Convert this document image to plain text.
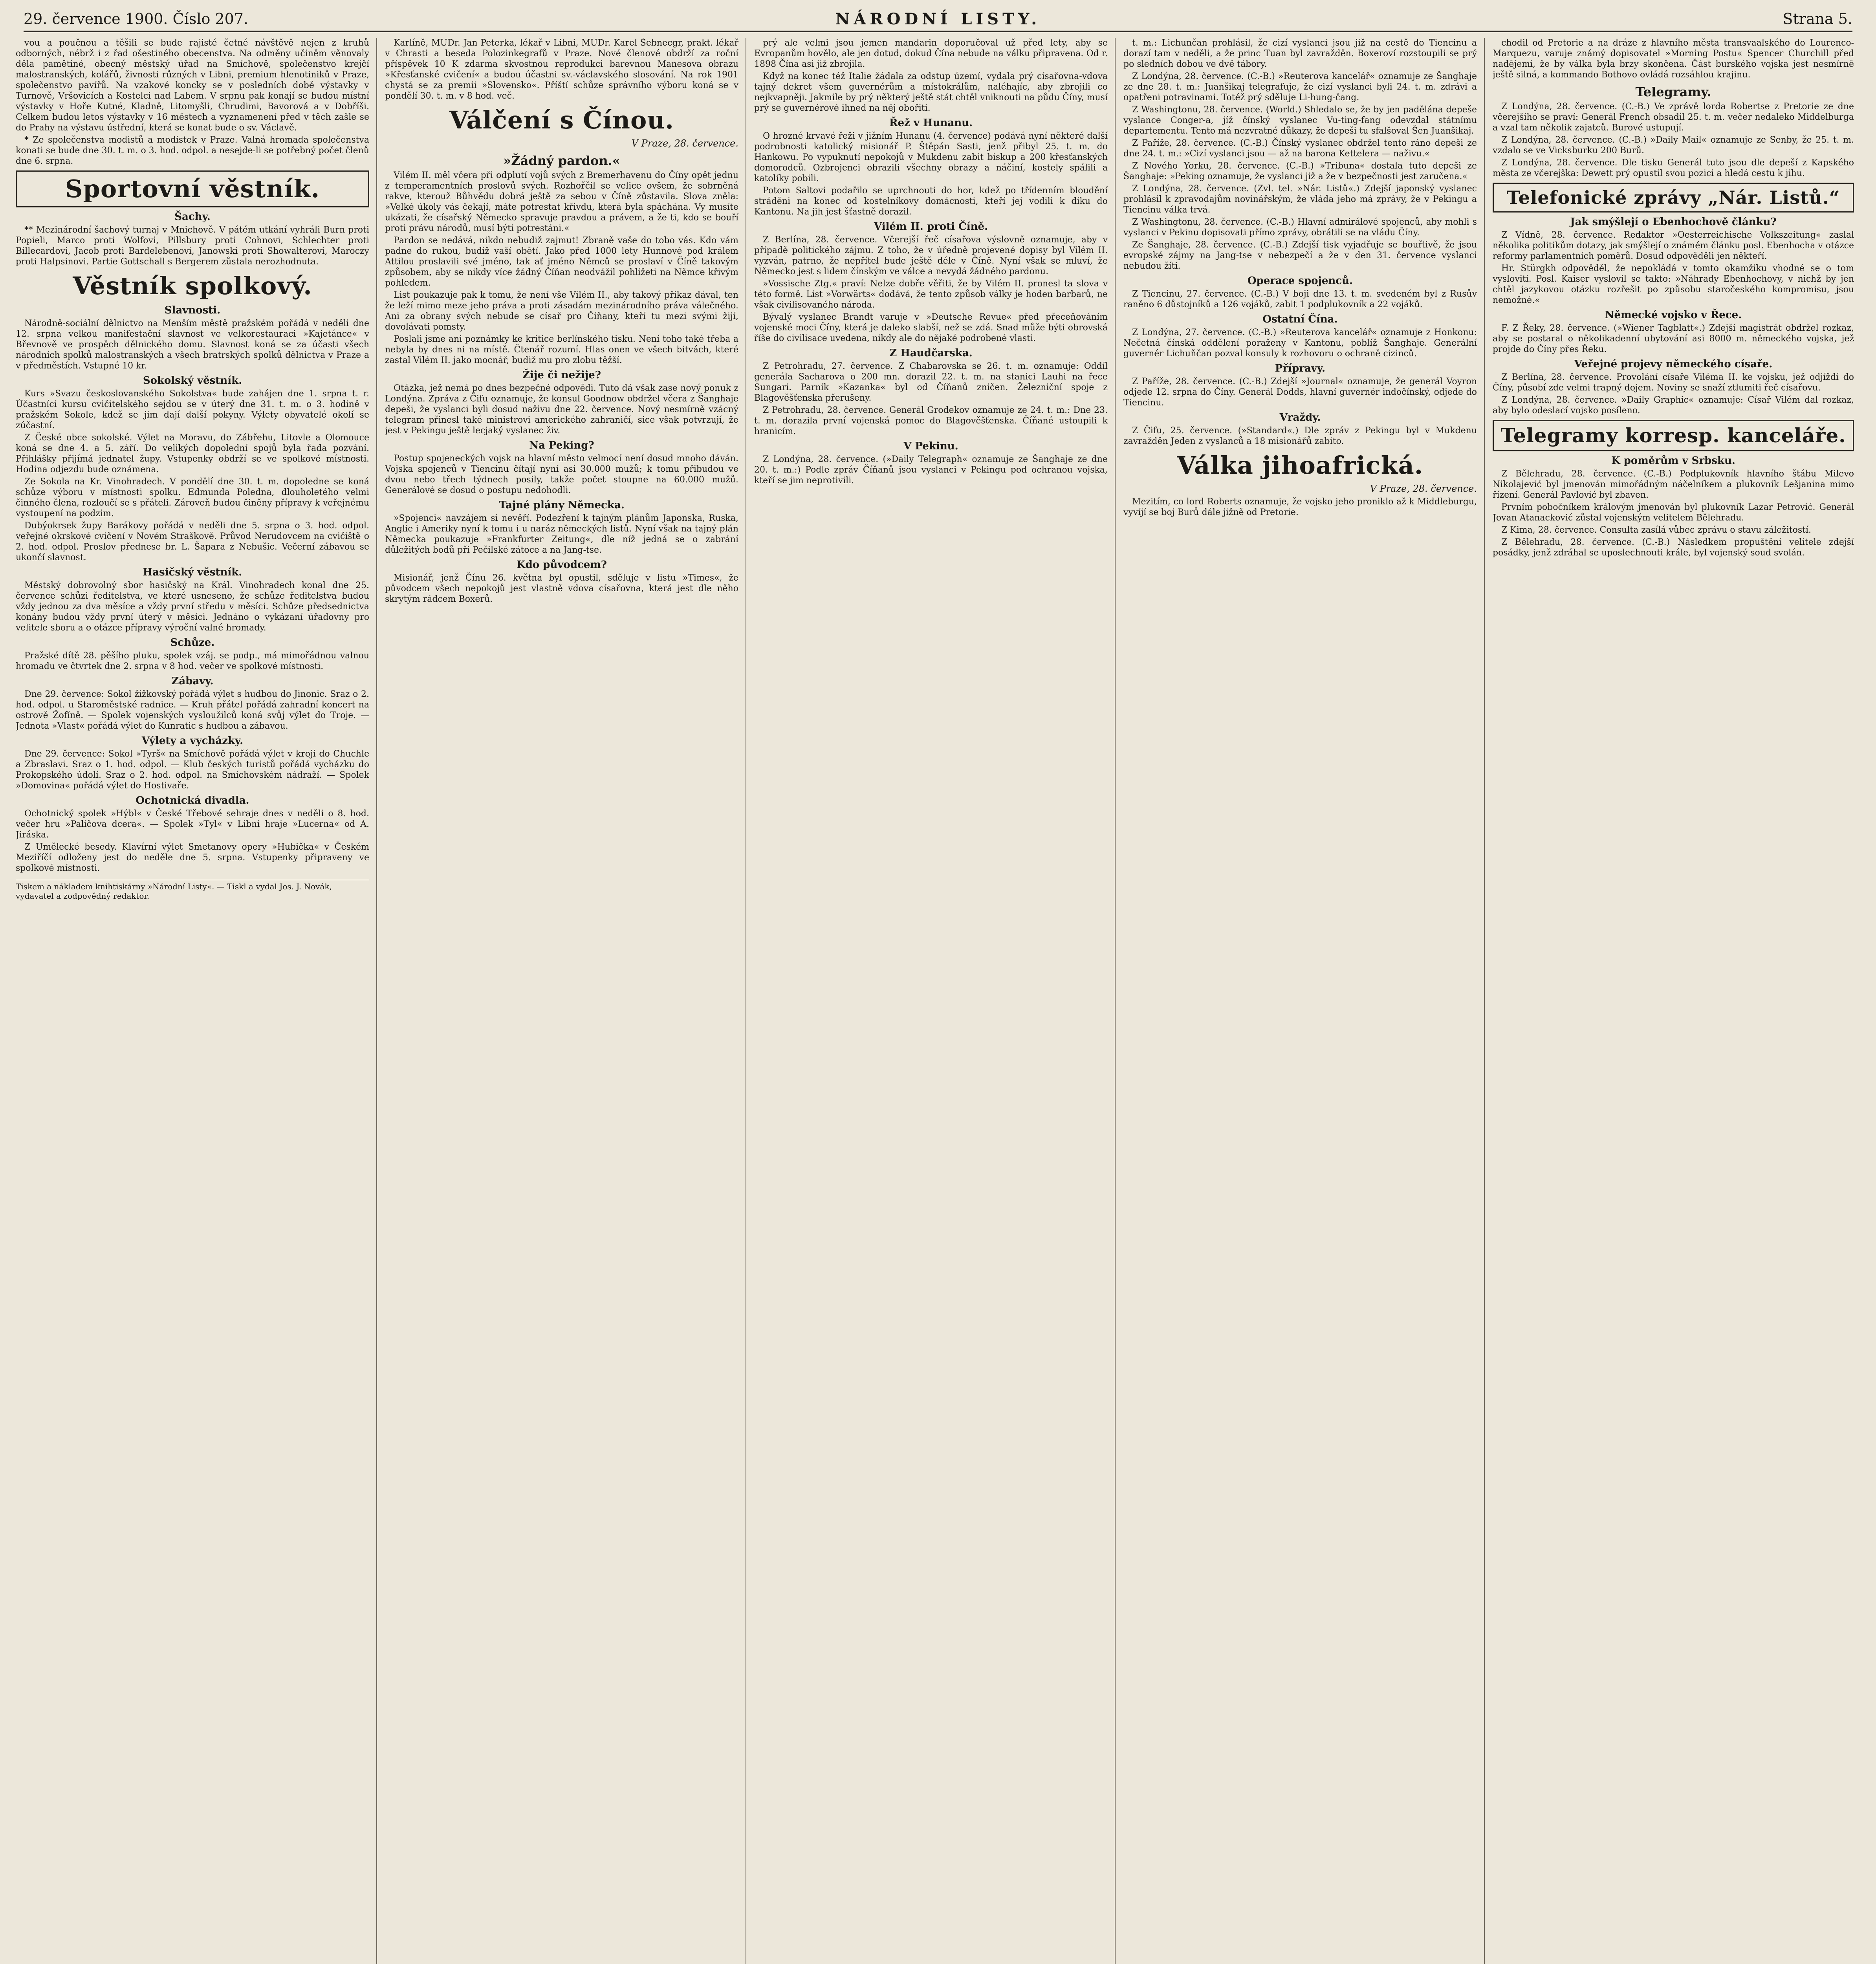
29. července 1900. Číslo 207.	NÁRODNÍ LISTY.	Strana 5.

vou a poučnou a těšili se bude rajisté četné návštěvě nejen z kruhů odborných, nébrž i z řad ošestiného obecenstva. Na odměny učiněm věnovaly děla pamětiné, obecný městský úřad na Smíchově, společenstvo krejčí malostranských, kolářů, živnosti různých v Libni, premium hlenotiniků v Praze, společenstvo pavířů. Na vzakové koncky se v posledních době výstavky v Turnově, Vršovicích a Kostelci nad Labem. V srpnu pak konají se budou místní výstavky v Hoře Kutné, Kladně, Litomyšli, Chrudimi, Bavorová a v Dobříši. Celkem budou letos výstavky v 16 městech a vyznamenení před v těch zašle se do Prahy na výstavu ústřední, která se konat bude o sv. Václavě.

* Ze společenstva modistů a modistek v Praze. Valná hromada společenstva konati se bude dne 30. t. m. o 3. hod. odpol. a nesejde-li se potřebný počet členů dne 6. srpna.

Sportovní věstník.
Šachy.

** Mezinárodní šachový turnaj v Mnichově. V pátém utkání vyhráli Burn proti Popieli, Marco proti Wolfovi, Pillsbury proti Cohnovi, Schlechter proti Billecardovi, Jacob proti Bardelebenovi, Janowski proti Showalterovi, Maroczy proti Halpsinovi. Partie Gottschall s Bergerem zůstala nerozhodnuta.

Věstník spolkový.
Slavnosti.

Národně-sociální dělnictvo na Menším městě pražském pořádá v neděli dne 12. srpna velkou manifestační slavnost ve velkorestauraci »Kajetánce« v Břevnově ve prospěch dělnického domu. Slavnost koná se za účasti všech národních spolků malostranských a všech bratrských spolků dělnictva v Praze a v předměstích. Vstupné 10 kr.

Sokolský věstník.

Kurs »Svazu českoslovanského Sokolstva« bude zahájen dne 1. srpna t. r. Účastníci kursu cvičitelského sejdou se v úterý dne 31. t. m. o 3. hodině v pražském Sokole, kdež se jim dají další pokyny. Výlety obyvatelé okolí se zúčastní.

Z České obce sokolské. Výlet na Moravu, do Zábřehu, Litovle a Olomouce koná se dne 4. a 5. září. Do velikých dopolední spojů byla řada pozvání. Přihlášky přijímá jednatel župy. Vstupenky obdrží se ve spolkové místnosti. Hodina odjezdu bude oznámena.

Ze Sokola na Kr. Vinohradech. V pondělí dne 30. t. m. dopoledne se koná schůze výboru v místnosti spolku. Edmunda Poledna, dlouholetého velmi činného člena, rozloučí se s přáteli. Zároveň budou činěny přípravy k veřejnému vystoupení na podzim.

Dubýokrsek župy Barákovy pořádá v neděli dne 5. srpna o 3. hod. odpol. veřejné okrskové cvičení v Novém Straškově. Průvod Nerudovcem na cvičiště o 2. hod. odpol. Proslov přednese br. L. Šapara z Nebušic. Večerní zábavou se ukončí slavnost.

Hasičský věstník.

Městský dobrovolný sbor hasičský na Král. Vinohradech konal dne 25. července schůzi ředitelstva, ve které usneseno, že schůze ředitelstva budou vždy jednou za dva měsíce a vždy první středu v měsíci. Schůze předsednictva konány budou vždy první úterý v měsíci. Jednáno o vykázaní úřadovny pro velitele sboru a o otázce přípravy výroční valné hromady.

Schůze.

Pražské dítě 28. pěšího pluku, spolek vzáj. se podp., má mimořádnou valnou hromadu ve čtvrtek dne 2. srpna v 8 hod. večer ve spolkové místnosti.

Zábavy.

Dne 29. července: Sokol žižkovský pořádá výlet s hudbou do Jinonic. Sraz o 2. hod. odpol. u Staroměstské radnice. — Kruh přátel pořádá zahradní koncert na ostrově Žofíně. — Spolek vojenských vysloužilců koná svůj výlet do Troje. — Jednota »Vlast« pořádá výlet do Kunratic s hudbou a zábavou.

Výlety a vycházky.

Dne 29. července: Sokol »Tyrš« na Smíchově pořádá výlet v kroji do Chuchle a Zbraslavi. Sraz o 1. hod. odpol. — Klub českých turistů pořádá vycházku do Prokopského údolí. Sraz o 2. hod. odpol. na Smíchovském nádraží. — Spolek »Domovina« pořádá výlet do Hostivaře.

Ochotnická divadla.

Ochotnický spolek »Hýbl« v České Třebové sehraje dnes v neděli o 8. hod. večer hru »Paličova dcera«. — Spolek »Tyl« v Libni hraje »Lucerna« od A. Jiráska.

Z Umělecké besedy. Klavírní výlet Smetanovy opery »Hubička« v Českém Meziříčí odloženy jest do neděle dne 5. srpna. Vstupenky připraveny ve spolkové místnosti.

Tiskem a nákladem knihtiskárny »Národní Listy«. — Tiskl a vydal Jos. J. Novák, vydavatel a zodpovědný redaktor.

Karlíně, MUDr. Jan Peterka, lékař v Libni, MUDr. Karel Šebnecgr, prakt. lékař v Chrasti a beseda Polozinkegrafů v Praze. Nové členové obdrží za roční příspěvek 10 K zdarma skvostnou reprodukci barevnou Manesova obrazu »Křesťanské cvičení« a budou účastni sv.-václavského slosování. Na rok 1901 chystá se za premii »Slovensko«. Příští schůze správního výboru koná se v pondělí 30. t. m. v 8 hod. več.

Válčení s Čínou.
V Praze, 28. července.
»Žádný pardon.«

Vilém II. měl včera při odplutí vojů svých z Bremerhavenu do Číny opět jednu z temperamentních proslovů svých. Rozhořčil se velice ovšem, že sobrněná rakve, kterouž Bůhvědu dobrá ještě za sebou v Číně zůstavila. Slova zněla: »Velké úkoly vás čekají, máte potrestat křivdu, která byla spáchána. Vy musíte ukázati, že císařský Německo spravuje pravdou a právem, a že ti, kdo se bouří proti právu národů, musí býti potrestáni.«

Pardon se nedává, nikdo nebudiž zajmut! Zbraně vaše do tobo vás. Kdo vám padne do rukou, budiž vaší obětí. Jako před 1000 lety Hunnové pod králem Attilou proslavili své jméno, tak ať jméno Němců se proslaví v Číně takovým způsobem, aby se nikdy více žádný Číňan neodvážil pohlížeti na Němce křivým pohledem.

List poukazuje pak k tomu, že není vše Vilém II., aby takový přikaz dával, ten že leží mimo meze jeho práva a proti zásadám mezinárodního práva válečného. Ani za obrany svých nebude se císař pro Číňany, kteří tu mezi svými žijí, dovolávati pomsty.

Poslali jsme ani poznámky ke kritice berlínského tisku. Není toho také třeba a nebyla by dnes ni na místě. Čtenář rozumí. Hlas onen ve všech bitvách, které zastal Vilém II. jako mocnář, budiž mu pro zlobu těžší.

Žije či nežije?

Otázka, jež nemá po dnes bezpečné odpovědi. Tuto dá však zase nový ponuk z Londýna. Zpráva z Čifu oznamuje, že konsul Goodnow obdržel včera z Šanghaje depeši, že vyslanci byli dosud naživu dne 22. července. Nový nesmírně vzácný telegram přinesl také ministrovi amerického zahraničí, sice však potvrzují, že jest v Pekingu ještě lecjaký vyslanec živ.

Na Peking?

Postup spojeneckých vojsk na hlavní město velmocí není dosud mnoho dáván. Vojska spojenců v Tiencinu čítají nyní asi 30.000 mužů; k tomu přibudou ve dvou nebo třech týdnech posily, takže počet stoupne na 60.000 mužů. Generálové se dosud o postupu nedohodli.

Tajné plány Německa.

»Spojenci« navzájem si nevěří. Podezření k tajným plánům Japonska, Ruska, Anglie i Ameriky nyní k tomu i u naráz německých listů. Nyní však na tajný plán Německa poukazuje »Frankfurter Zeitung«, dle níž jedná se o zabrání důležitých bodů při Pečilské zátoce a na Jang-tse.

Kdo původcem?

Misionář, jenž Čínu 26. května byl opustil, sděluje v listu »Times«, že původcem všech nepokojů jest vlastně vdova císařovna, která jest dle něho skrytým rádcem Boxerů.

prý ale velmi jsou jemen mandarin doporučoval už před lety, aby se Evropanům hovělo, ale jen dotud, dokud Čína nebude na válku připravena. Od r. 1898 Čína asi již zbrojila.

Když na konec též Italie žádala za odstup území, vydala prý císařovna-vdova tajný dekret všem guvernérům a místokrálům, naléhajíc, aby zbrojili co nejkvapněji. Jakmile by prý některý ještě stát chtěl vniknouti na půdu Číny, musí prý se guvernérové ihned na něj obořiti.

Řež v Hunanu.

O hrozné krvavé řeži v jižním Hunanu (4. července) podává nyní některé další podrobnosti katolický misionář P. Štěpán Sasti, jenž přibyl 25. t. m. do Hankowu. Po vypuknutí nepokojů v Mukdenu zabit biskup a 200 křesťanských domorodců. Ozbrojenci obrazili všechny obrazy a náčiní, kostely spálili a katolíky pobili.

Potom Saltovi podařilo se uprchnouti do hor, kdež po třídenním bloudění stráděni na konec od kostelníkovy domácnosti, kteří jej vodili k díku do Kantonu. Na jih jest šťastně dorazil.

Vilém II. proti Číně.

Z Berlína, 28. července. Včerejší řeč císařova výslovně oznamuje, aby v případě politického zájmu. Z toho, že v úředně projevené dopisy byl Vilém II. vyzván, patrno, že nepřítel bude ještě déle v Číně. Nyní však se mluví, že Německo jest s lidem čínským ve válce a nevydá žádného pardonu.

»Vossische Ztg.« praví: Nelze dobře věřiti, že by Vilém II. pronesl ta slova v této formě. List »Vorwärts« dodává, že tento způsob války je hoden barbarů, ne však civilisovaného národa.

Bývalý vyslanec Brandt varuje v »Deutsche Revue« před přeceňováním vojenské moci Číny, která je daleko slabší, než se zdá. Snad může býti obrovská říše do civilisace uvedena, nikdy ale do nějaké podrobené vlasti.

Z Haudčarska.

Z Petrohradu, 27. července. Z Chabarovska se 26. t. m. oznamuje: Oddíl generála Sacharova o 200 mn. dorazil 22. t. m. na stanici Lauhi na řece Sungari. Parník »Kazanka« byl od Číňanů zničen. Železniční spoje z Blagověšťenska přerušeny.

Z Petrohradu, 28. července. Generál Grodekov oznamuje ze 24. t. m.: Dne 23. t. m. dorazila první vojenská pomoc do Blagověšťenska. Číňané ustoupili k hranicím.

V Pekinu.

Z Londýna, 28. července. (»Daily Telegraph« oznamuje ze Šanghaje ze dne 20. t. m.:) Podle zpráv Číňanů jsou vyslanci v Pekingu pod ochranou vojska, kteří se jim neprotivili.

t. m.: Lichunčan prohlásil, že cizí vyslanci jsou již na cestě do Tiencinu a dorazí tam v neděli, a že princ Tuan byl zavražděn. Boxeroví rozstoupili se prý po sledních dobou ve dvě tábory.

Z Londýna, 28. července. (C.-B.) »Reuterova kancelář« oznamuje ze Šanghaje ze dne 28. t. m.: Juanšikaj telegrafuje, že cizí vyslanci byli 24. t. m. zdrávi a opatřeni potravinami. Totéž prý sděluje Li-hung-čang.

Z Washingtonu, 28. července. (World.) Shledalo se, že by jen padělána depeše vyslance Conger-a, jíž čínský vyslanec Vu-ting-fang odevzdal státnímu departementu. Tento má nezvratné důkazy, že depeši tu sfalšoval Šen Juanšikaj.

Z Paříže, 28. července. (C.-B.) Čínský vyslanec obdržel tento ráno depeši ze dne 24. t. m.: »Cizí vyslanci jsou — až na barona Kettelera — naživu.«

Z Nového Yorku, 28. července. (C.-B.) »Tribuna« dostala tuto depeši ze Šanghaje: »Peking oznamuje, že vyslanci již a že v bezpečnosti jest zaručena.«

Z Londýna, 28. července. (Zvl. tel. »Nár. Listů«.) Zdejší japonský vyslanec prohlásil k zpravodajům novinářským, že vláda jeho má zprávy, že v Pekingu a Tiencinu válka trvá.

Z Washingtonu, 28. července. (C.-B.) Hlavní admirálové spojenců, aby mohli s vyslanci v Pekinu dopisovati přímo zprávy, obrátili se na vládu Číny.

Ze Šanghaje, 28. července. (C.-B.) Zdejší tisk vyjadřuje se bouřlivě, že jsou evropské zájmy na Jang-tse v nebezpečí a že v den 31. července vyslanci nebudou žíti.

Operace spojenců.

Z Tiencinu, 27. července. (C.-B.) V boji dne 13. t. m. svedeném byl z Rusův raněno 6 důstojníků a 126 vojáků, zabit 1 podplukovník a 22 vojáků.

Ostatní Čína.

Z Londýna, 27. července. (C.-B.) »Reuterova kancelář« oznamuje z Honkonu: Nečetná čínská oddělení poraženy v Kantonu, poblíž Šanghaje. Generální guvernér Lichuňčan pozval konsuly k rozhovoru o ochraně cizinců.

Přípravy.

Z Paříže, 28. července. (C.-B.) Zdejší »Journal« oznamuje, že generál Voyron odjede 12. srpna do Číny. Generál Dodds, hlavní guvernér indočínský, odjede do Tiencinu.

Vraždy.

Z Čifu, 25. července. (»Standard«.) Dle zpráv z Pekingu byl v Mukdenu zavražděn Jeden z vyslanců a 18 misionářů zabito.

Válka jihoafrická.
V Praze, 28. července.

Mezitím, co lord Roberts oznamuje, že vojsko jeho proniklo až k Middleburgu, vyvíjí se boj Burů dále jižně od Pretorie.

chodil od Pretorie a na dráze z hlavního města transvaalského do Lourenco-Marquezu, varuje známý dopisovatel »Morning Postu« Spencer Churchill před nadějemi, že by válka byla brzy skončena. Část burského vojska jest nesmírně ještě silná, a kommando Bothovo ovládá rozsáhlou krajinu.

Telegramy.

Z Londýna, 28. července. (C.-B.) Ve zprávě lorda Robertse z Pretorie ze dne včerejšího se praví: Generál French obsadil 25. t. m. večer nedaleko Middelburga a vzal tam několik zajatců. Burové ustupují.

Z Londýna, 28. července. (C.-B.) »Daily Mail« oznamuje ze Senby, že 25. t. m. vzdalo se ve Vicksburku 200 Burů.

Z Londýna, 28. července. Dle tisku Generál tuto jsou dle depeší z Kapského města ze včerejška: Dewett prý opustil svou pozici a hledá cestu k jihu.

Telefonické zprávy „Nár. Listů.“
Jak smýšlejí o Ebenhochově článku?

Z Vídně, 28. července. Redaktor »Oesterreichische Volkszeitung« zaslal několika politikům dotazy, jak smýšlejí o známém článku posl. Ebenhocha v otázce reformy parlamentních poměrů. Dosud odpověděli jen někteří.

Hr. Stürgkh odpověděl, že nepokládá v tomto okamžiku vhodné se o tom vysloviti. Posl. Kaiser vyslovil se takto: »Náhrady Ebenhochovy, v nichž by jen chtěl jazykovou otázku rozřešit po způsobu staročeského kompromisu, jsou nemožné.«

Německé vojsko v Řece.

F. Z Řeky, 28. července. (»Wiener Tagblatt«.) Zdejší magistrát obdržel rozkaz, aby se postaral o několikadenní ubytování asi 8000 m. německého vojska, jež projde do Číny přes Řeku.

Veřejné projevy německého císaře.

Z Berlína, 28. července. Provolání císaře Viléma II. ke vojsku, jež odjíždí do Číny, působí zde velmi trapný dojem. Noviny se snaží ztlumiti řeč císařovu.

Z Londýna, 28. července. »Daily Graphic« oznamuje: Císař Vilém dal rozkaz, aby bylo odeslací vojsko posíleno.

Telegramy korresp. kanceláře.
K poměrům v Srbsku.

Z Bělehradu, 28. července. (C.-B.) Podplukovník hlavního štábu Milevo Nikolajević byl jmenován mimořádným náčelníkem a plukovník Lešjanina mimo řízení. Generál Pavlović byl zbaven.

Prvním pobočníkem královým jmenován byl plukovník Lazar Petrović. Generál Jovan Atanacković zůstal vojenským velitelem Bělehradu.

Z Kima, 28. července. Consulta zasílá vůbec zprávu o stavu záležitostí.

Z Bělehradu, 28. července. (C.-B.) Následkem propuštění velitele zdejší posádky, jenž zdráhal se uposlechnouti krále, byl vojenský soud svolán.
